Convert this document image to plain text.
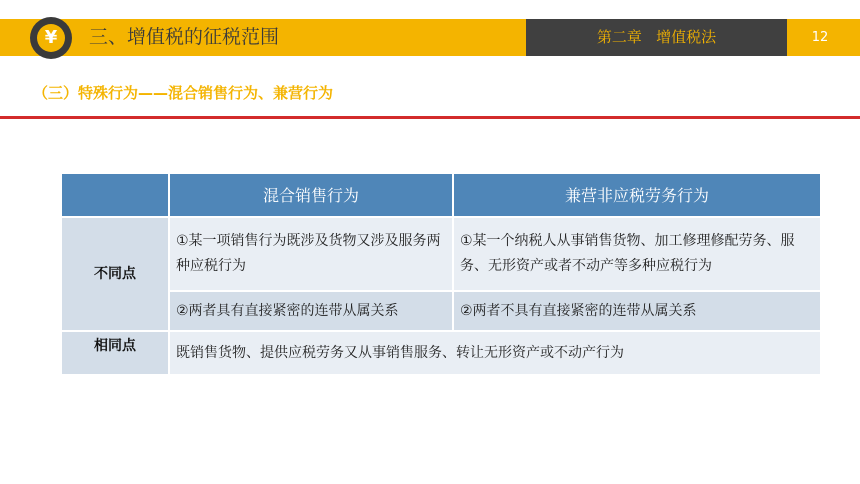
¥	三、增值税的征税范围	第二章   增值税法	12
（三）特殊行为——混合销售行为、兼营行为
	混合销售行为	兼营非应税劳务行为
不同点	①某一项销售行为既涉及货物又涉及服务两种应税行为	①某一个纳税人从事销售货物、加工修理修配劳务、服务、无形资产或者不动产等多种应税行为
	②两者具有直接紧密的连带从属关系	②两者不具有直接紧密的连带从属关系
相同点	既销售货物、提供应税劳务又从事销售服务、转让无形资产或不动产行为	
